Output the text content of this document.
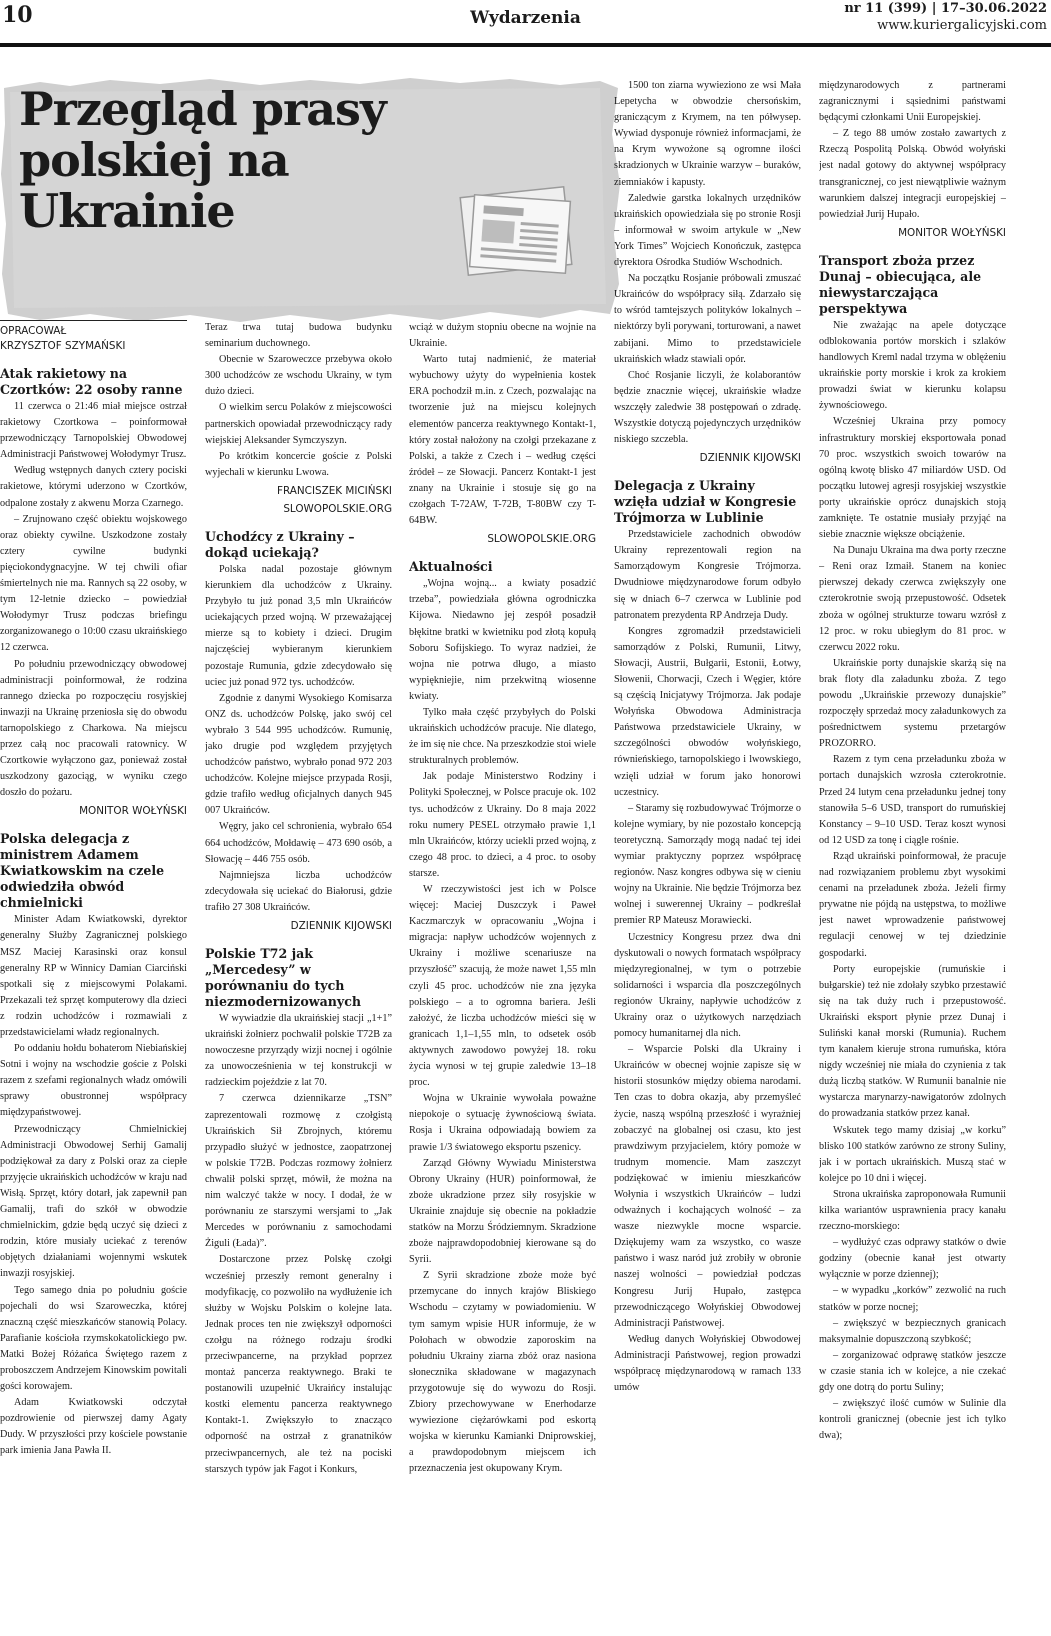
10	Wydarzenia	nr 11 (399) | 17–30.06.2022
www.kuriergalicyjski.com
Przegląd prasy polskiej na Ukrainie
OPRACOWAŁ
KRZYSZTOF SZYMAŃSKI
Atak rakietowy na Czortków: 22 osoby ranne

11 czerwca o 21:46 miał miejsce ostrzał rakietowy Czortkowa – poinformował przewodniczący Tarnopolskiej Obwodowej Administracji Państwowej Wołodymyr Trusz.

Według wstępnych danych cztery pociski rakietowe, którymi uderzono w Czortków, odpalone zostały z akwenu Morza Czarnego.

– Zrujnowano część obiektu wojskowego oraz obiekty cywilne. Uszkodzone zostały cztery cywilne budynki pięciokondygnacyjne. W tej chwili ofiar śmiertelnych nie ma. Rannych są 22 osoby, w tym 12-letnie dziecko – powiedział Wołodymyr Trusz podczas briefingu zorganizowanego o 10:00 czasu ukraińskiego 12 czerwca.

Po południu przewodniczący obwodowej administracji poinformował, że rodzina rannego dziecka po rozpoczęciu rosyjskiej inwazji na Ukrainę przeniosła się do obwodu tarnopolskiego z Charkowa. Na miejscu przez całą noc pracowali ratownicy. W Czortkowie wyłączono gaz, ponieważ został uszkodzony gazociąg, w wyniku czego doszło do pożaru.

MONITOR WOŁYŃSKI
Polska delegacja z ministrem Adamem Kwiatkowskim na czele odwiedziła obwód chmielnicki

Minister Adam Kwiatkowski, dyrektor generalny Służby Zagranicznej polskiego MSZ Maciej Karasinski oraz konsul generalny RP w Winnicy Damian Ciarciński spotkali się z miejscowymi Polakami. Przekazali też sprzęt komputerowy dla dzieci z rodzin uchodźców i rozmawiali z przedstawicielami władz regionalnych.

Po oddaniu hołdu bohaterom Niebiańskiej Sotni i wojny na wschodzie goście z Polski razem z szefami regionalnych władz omówili sprawy obustronnej współpracy międzypaństwowej.

Przewodniczący Chmielnickiej Administracji Obwodowej Serhij Gamalij podziękował za dary z Polski oraz za ciepłe przyjęcie ukraińskich uchodźców w kraju nad Wisłą. Sprzęt, który dotarł, jak zapewnił pan Gamalij, trafi do szkół w obwodzie chmielnickim, gdzie będą uczyć się dzieci z rodzin, które musiały uciekać z terenów objętych działaniami wojennymi wskutek inwazji rosyjskiej.

Tego samego dnia po południu goście pojechali do wsi Szaroweczka, której znaczną część mieszkańców stanowią Polacy. Parafianie kościoła rzymskokatolickiego pw. Matki Bożej Różańca Świętego razem z proboszczem Andrzejem Kinowskim powitali gości korowajem.

Adam Kwiatkowski odczytał pozdrowienie od pierwszej damy Agaty Dudy. W przyszłości przy kościele powstanie park imienia Jana Pawła II.

Teraz trwa tutaj budowa budynku seminarium duchownego.

Obecnie w Szaroweczce przebywa około 300 uchodźców ze wschodu Ukrainy, w tym dużo dzieci.

O wielkim sercu Polaków z miejscowości partnerskich opowiadał przewodniczący rady wiejskiej Aleksander Symczyszyn.

Po krótkim koncercie goście z Polski wyjechali w kierunku Lwowa.

FRANCISZEK MICIŃSKI
SLOWOPOLSKIE.ORG
Uchodźcy z Ukrainy – dokąd uciekają?

Polska nadal pozostaje głównym kierunkiem dla uchodźców z Ukrainy. Przybyło tu już ponad 3,5 mln Ukraińców uciekających przed wojną. W przeważającej mierze są to kobiety i dzieci. Drugim najczęściej wybieranym kierunkiem pozostaje Rumunia, gdzie zdecydowało się uciec już ponad 972 tys. uchodźców.

Zgodnie z danymi Wysokiego Komisarza ONZ ds. uchodźców Polskę, jako swój cel wybrało 3 544 995 uchodźców. Rumunię, jako drugie pod względem przyjętych uchodźców państwo, wybrało ponad 972 203 uchodźców. Kolejne miejsce przypada Rosji, gdzie trafiło według oficjalnych danych 945 007 Ukraińców.

Węgry, jako cel schronienia, wybrało 654 664 uchodźców, Mołdawię – 473 690 osób, a Słowację – 446 755 osób.

Najmniejsza liczba uchodźców zdecydowała się uciekać do Białorusi, gdzie trafiło 27 308 Ukraińców.

DZIENNIK KIJOWSKI
Polskie T72 jak „Mercedesy” w porównaniu do tych niezmodernizowanych

W wywiadzie dla ukraińskiej stacji „1+1” ukraiński żołnierz pochwalił polskie T72B za nowoczesne przyrządy wizji nocnej i ogólnie za unowocześnienia w tej konstrukcji w radzieckim pojeździe z lat 70.

7 czerwca dziennikarze „TSN” zaprezentowali rozmowę z czołgistą Ukraińskich Sił Zbrojnych, któremu przypadło służyć w jednostce, zaopatrzonej w polskie T72B. Podczas rozmowy żołnierz chwalił polski sprzęt, mówił, że można na nim walczyć także w nocy. I dodał, że w porównaniu ze starszymi wersjami to „Jak Mercedes w porównaniu z samochodami Żiguli (Łada)”.

Dostarczone przez Polskę czołgi wcześniej przeszły remont generalny i modyfikację, co pozwoliło na wydłużenie ich służby w Wojsku Polskim o kolejne lata. Jednak proces ten nie zwiększył odporności czołgu na różnego rodzaju środki przeciwpancerne, na przykład poprzez montaż pancerza reaktywnego. Braki te postanowili uzupełnić Ukraińcy instalując kostki elementu pancerza reaktywnego Kontakt-1. Zwiększyło to znacząco odporność na ostrzał z granatników przeciwpancernych, ale też na pociski starszych typów jak Fagot i Konkurs,

wciąż w dużym stopniu obecne na wojnie na Ukrainie.

Warto tutaj nadmienić, że materiał wybuchowy użyty do wypełnienia kostek ERA pochodził m.in. z Czech, pozwalając na tworzenie już na miejscu kolejnych elementów pancerza reaktywnego Kontakt-1, który został nałożony na czołgi przekazane z Polski, a także z Czech i – według części źródeł – ze Słowacji. Pancerz Kontakt-1 jest znany na Ukrainie i stosuje się go na czołgach T-72AW, T-72B, T-80BW czy T-64BW.

SLOWOPOLSKIE.ORG
Aktualności

„Wojna wojną... a kwiaty posadzić trzeba”, powiedziała główna ogrodniczka Kijowa. Niedawno jej zespół posadził błękitne bratki w kwietniku pod złotą kopułą Soboru Sofijskiego. To wyraz nadziei, że wojna nie potrwa długo, a miasto wypiękniejie, nim przekwitną wiosenne kwiaty.

Tylko mała część przybyłych do Polski ukraińskich uchodźców pracuje. Nie dlatego, że im się nie chce. Na przeszkodzie stoi wiele strukturalnych problemów.

Jak podaje Ministerstwo Rodziny i Polityki Społecznej, w Polsce pracuje ok. 102 tys. uchodźców z Ukrainy. Do 8 maja 2022 roku numery PESEL otrzymało prawie 1,1 mln Ukraińców, którzy uciekli przed wojną, z czego 48 proc. to dzieci, a 4 proc. to osoby starsze.

W rzeczywistości jest ich w Polsce więcej: Maciej Duszczyk i Paweł Kaczmarczyk w opracowaniu „Wojna i migracja: napływ uchodźców wojennych z Ukrainy i możliwe scenariusze na przyszłość” szacują, że może nawet 1,55 mln czyli 45 proc. uchodźców nie zna języka polskiego – a to ogromna bariera. Jeśli założyć, że liczba uchodźców mieści się w granicach 1,1–1,55 mln, to odsetek osób aktywnych zawodowo powyżej 18. roku życia wynosi w tej grupie zaledwie 13–18 proc.

Wojna w Ukrainie wywołała poważne niepokoje o sytuację żywnościową świata. Rosja i Ukraina odpowiadają bowiem za prawie 1/3 światowego eksportu pszenicy.

Zarząd Główny Wywiadu Ministerstwa Obrony Ukrainy (HUR) poinformował, że zboże ukradzione przez siły rosyjskie w Ukrainie znajduje się obecnie na pokładzie statków na Morzu Śródziemnym. Skradzione zboże najprawdopodobniej kierowane są do Syrii.

Z Syrii skradzione zboże może być przemycane do innych krajów Bliskiego Wschodu – czytamy w powiadomieniu. W tym samym wpisie HUR informuje, że w Połohach w obwodzie zaporoskim na południu Ukrainy ziarna zbóż oraz nasiona słonecznika składowane w magazynach przygotowuje się do wywozu do Rosji. Zbiory przechowywane w Enerhodarze wywiezione ciężarówkami pod eskortą wojska w kierunku Kamianki Dniprowskiej, a prawdopodobnym miejscem ich przeznaczenia jest okupowany Krym.

1500 ton ziarna wywieziono ze wsi Mała Lepetycha w obwodzie chersońskim, graniczącym z Krymem, na ten półwysep. Wywiad dysponuje również informacjami, że na Krym wywożone są ogromne ilości skradzionych w Ukrainie warzyw – buraków, ziemniaków i kapusty.

Zaledwie garstka lokalnych urzędników ukraińskich opowiedziała się po stronie Rosji – informował w swoim artykule w „New York Times” Wojciech Konończuk, zastępca dyrektora Ośrodka Studiów Wschodnich.

Na początku Rosjanie próbowali zmuszać Ukraińców do współpracy siłą. Zdarzało się to wśród tamtejszych polityków lokalnych – niektórzy byli porywani, torturowani, a nawet zabijani. Mimo to przedstawiciele ukraińskich władz stawiali opór.

Choć Rosjanie liczyli, że kolaborantów będzie znacznie więcej, ukraińskie władze wszczęły zaledwie 38 postępowań o zdradę. Wszystkie dotyczą pojedynczych urzędników niskiego szczebla.

DZIENNIK KIJOWSKI
Delegacja z Ukrainy wzięła udział w Kongresie Trójmorza w Lublinie

Przedstawiciele zachodnich obwodów Ukrainy reprezentowali region na Samorządowym Kongresie Trójmorza. Dwudniowe międzynarodowe forum odbyło się w dniach 6–7 czerwca w Lublinie pod patronatem prezydenta RP Andrzeja Dudy.

Kongres zgromadził przedstawicieli samorządów z Polski, Rumunii, Litwy, Słowacji, Austrii, Bułgarii, Estonii, Łotwy, Słowenii, Chorwacji, Czech i Węgier, które są częścią Inicjatywy Trójmorza. Jak podaje Wołyńska Obwodowa Administracja Państwowa przedstawiciele Ukrainy, w szczególności obwodów wołyńskiego, równieńskiego, tarnopolskiego i lwowskiego, wzięli udział w forum jako honorowi uczestnicy.

– Staramy się rozbudowywać Trójmorze o kolejne wymiary, by nie pozostało koncepcją teoretyczną. Samorządy mogą nadać tej idei wymiar praktyczny poprzez współpracę regionów. Nasz kongres odbywa się w cieniu wojny na Ukrainie. Nie będzie Trójmorza bez wolnej i suwerennej Ukrainy – podkreślał premier RP Mateusz Morawiecki.

Uczestnicy Kongresu przez dwa dni dyskutowali o nowych formatach współpracy międzyregionalnej, w tym o potrzebie solidarności i wsparcia dla poszczególnych regionów Ukrainy, napływie uchodźców z Ukrainy oraz o użytkowych narzędziach pomocy humanitarnej dla nich.

– Wsparcie Polski dla Ukrainy i Ukraińców w obecnej wojnie zapisze się w historii stosunków między obiema narodami. Ten czas to dobra okazja, aby przemyśleć życie, naszą wspólną przeszłość i wyraźniej zobaczyć na globalnej osi czasu, kto jest prawdziwym przyjacielem, który pomoże w trudnym momencie. Mam zaszczyt podziękować w imieniu mieszkańców Wołynia i wszystkich Ukraińców – ludzi odważnych i kochających wolność – za wasze niezwykle mocne wsparcie. Dziękujemy wam za wszystko, co wasze państwo i wasz naród już zrobiły w obronie naszej wolności – powiedział podczas Kongresu Jurij Hupało, zastępca przewodniczącego Wołyńskiej Obwodowej Administracji Państwowej.

Według danych Wołyńskiej Obwodowej Administracji Państwowej, region prowadzi współpracę międzynarodową w ramach 133 umów

międzynarodowych z partnerami zagranicznymi i sąsiednimi państwami będącymi członkami Unii Europejskiej.

– Z tego 88 umów zostało zawartych z Rzeczą Pospolitą Polską. Obwód wołyński jest nadal gotowy do aktywnej współpracy transgranicznej, co jest niewątpliwie ważnym warunkiem dalszej integracji europejskiej – powiedział Jurij Hupało.

MONITOR WOŁYŃSKI
Transport zboża przez Dunaj – obiecująca, ale niewystarczająca perspektywa

Nie zważając na apele dotyczące odblokowania portów morskich i szlaków handlowych Kreml nadal trzyma w oblężeniu ukraińskie porty morskie i krok za krokiem prowadzi świat w kierunku kolapsu żywnościowego.

Wcześniej Ukraina przy pomocy infrastruktury morskiej eksportowała ponad 70 proc. wszystkich swoich towarów na ogólną kwotę blisko 47 miliardów USD. Od początku lutowej agresji rosyjskiej wszystkie porty ukraińskie oprócz dunajskich stoją zamknięte. Te ostatnie musiały przyjąć na siebie znacznie większe obciążenie.

Na Dunaju Ukraina ma dwa porty rzeczne – Reni oraz Izmaił. Stanem na koniec pierwszej dekady czerwca zwiększyły one czterokrotnie swoją przepustowość. Odsetek zboża w ogólnej strukturze towaru wzrósł z 12 proc. w roku ubiegłym do 81 proc. w czerwcu 2022 roku.

Ukraińskie porty dunajskie skarżą się na brak floty dla załadunku zboża. Z tego powodu „Ukraińskie przewozy dunajskie” rozpoczęły sprzedaż mocy załadunkowych za pośrednictwem systemu przetargów PROZORRO.

Razem z tym cena przeładunku zboża w portach dunajskich wzrosła czterokrotnie. Przed 24 lutym cena przeładunku jednej tony stanowiła 5–6 USD, transport do rumuńskiej Konstancy – 9–10 USD. Teraz koszt wynosi od 12 USD za tonę i ciągle rośnie.

Rząd ukraiński poinformował, że pracuje nad rozwiązaniem problemu zbyt wysokimi cenami na przeładunek zboża. Jeżeli firmy prywatne nie pójdą na ustępstwa, to możliwe jest nawet wprowadzenie państwowej regulacji cenowej w tej dziedzinie gospodarki.

Porty europejskie (rumuńskie i bułgarskie) też nie zdołały szybko przestawić się na tak duży ruch i przepustowość. Ukraiński eksport płynie przez Dunaj i Suliński kanał morski (Rumunia). Ruchem tym kanałem kieruje strona rumuńska, która nigdy wcześniej nie miała do czynienia z tak dużą liczbą statków. W Rumunii banalnie nie wystarcza marynarzy-nawigatorów zdolnych do prowadzania statków przez kanał.

Wskutek tego mamy dzisiaj „w korku” blisko 100 statków zarówno ze strony Suliny, jak i w portach ukraińskich. Muszą stać w kolejce po 10 dni i więcej.

Strona ukraińska zaproponowała Rumunii kilka wariantów usprawnienia pracy kanału rzeczno-morskiego:

– wydłużyć czas odprawy statków o dwie godziny (obecnie kanał jest otwarty wyłącznie w porze dziennej);

– w wypadku „korków” zezwolić na ruch statków w porze nocnej;

– zwiększyć w bezpiecznych granicach maksymalnie dopuszczoną szybkość;

– zorganizować odprawę statków jeszcze w czasie stania ich w kolejce, a nie czekać gdy one dotrą do portu Suliny;

– zwiększyć ilość cumów w Sulinie dla kontroli granicznej (obecnie jest ich tylko dwa);
